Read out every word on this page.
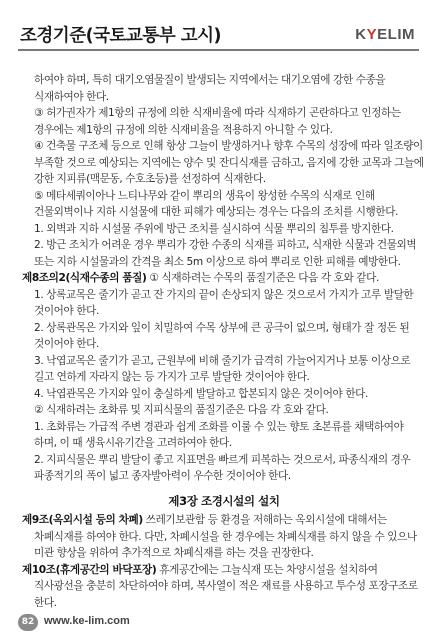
조경기준(국토교통부 고시)	KYELIM

하여야 하며, 특히 대기오염물질이 발생되는 지역에서는 대기오염에 강한 수종을 식재하여야 한다.

③ 허가권자가 제1항의 규정에 의한 식재비율에 따라 식재하기 곤란하다고 인정하는 경우에는 제1항의 규정에 의한 식재비율을 적용하지 아니할 수 있다.

④ 건축물 구조체 등으로 인해 항상 그늘이 발생하거나 향후 수목의 성장에 따라 일조량이 부족할 것으로 예상되는 지역에는 양수 및 잔디식재를 금하고, 음지에 강한 교목과 그늘에 강한 지피류(맥문동, 수호초등)를 선정하여 식재한다.

⑤ 메타세쿼이아나 느티나무와 같이 뿌리의 생육이 왕성한 수목의 식재로 인해 건물외벽이나 지하 시설물에 대한 피해가 예상되는 경우는 다음의 조치를 시행한다.

1. 외벽과 지하 시설물 주위에 방근 조치를 실시하여 식물 뿌리의 침투를 방지한다.

2. 방근 조치가 어려운 경우 뿌리가 강한 수종의 식재를 피하고, 식재한 식물과 건물외벽 또는 지하 시설물과의 간격을 최소 5m 이상으로 하여 뿌리로 인한 피해를 예방한다.

제8조의2(식재수종의 품질) ① 식재하려는 수목의 품질기준은 다음 각 호와 같다.

1. 상록교목은 줄기가 곧고 잔 가지의 끝이 손상되지 않은 것으로서 가지가 고루 발달한 것이어야 한다.

2. 상록관목은 가지와 잎이 치밀하여 수목 상부에 큰 공극이 없으며, 형태가 잘 정돈 된 것이어야 한다.

3. 낙엽교목은 줄기가 곧고, 근원부에 비해 줄기가 급격히 가늘어지거나 보통 이상으로 길고 연하게 자라지 않는 등 가지가 고루 발달한 것이어야 한다.

4. 낙엽관목은 가지와 잎이 충실하게 발달하고 합본되지 않은 것이어야 한다.

② 식재하려는 초화류 및 지피식물의 품질기준은 다음 각 호와 같다.

1. 초화류는 가급적 주변 경관과 쉽게 조화를 이룰 수 있는 향토 초본류를 채택하여야 하며, 이 때 생육시유기간을 고려하여야 한다.

2. 지피식물은 뿌리 발달이 좋고 지표면을 빠르게 피복하는 것으로서, 파종식재의 경우 파종적기의 폭이 넓고 종자발아력이 우수한 것이어야 한다.

제3장 조경시설의 설치

제9조(옥외시설 등의 차폐) 쓰레기보관함 등 환경을 저해하는 옥외시설에 대해서는 차폐식재를 하여야 한다. 다만, 차폐시설을 한 경우에는 차폐식재를 하지 않을 수 있으나 미관 향상을 위하여 추가적으로 차폐식재를 하는 것을 권장한다.

제10조(휴게공간의 바닥포장) 휴게공간에는 그늘식재 또는 차양시설을 설치하여 직사광선을 충분히 차단하여야 하며, 복사열이 적은 재료를 사용하고 투수성 포장구조로 한다.

82 www.ke-lim.com
